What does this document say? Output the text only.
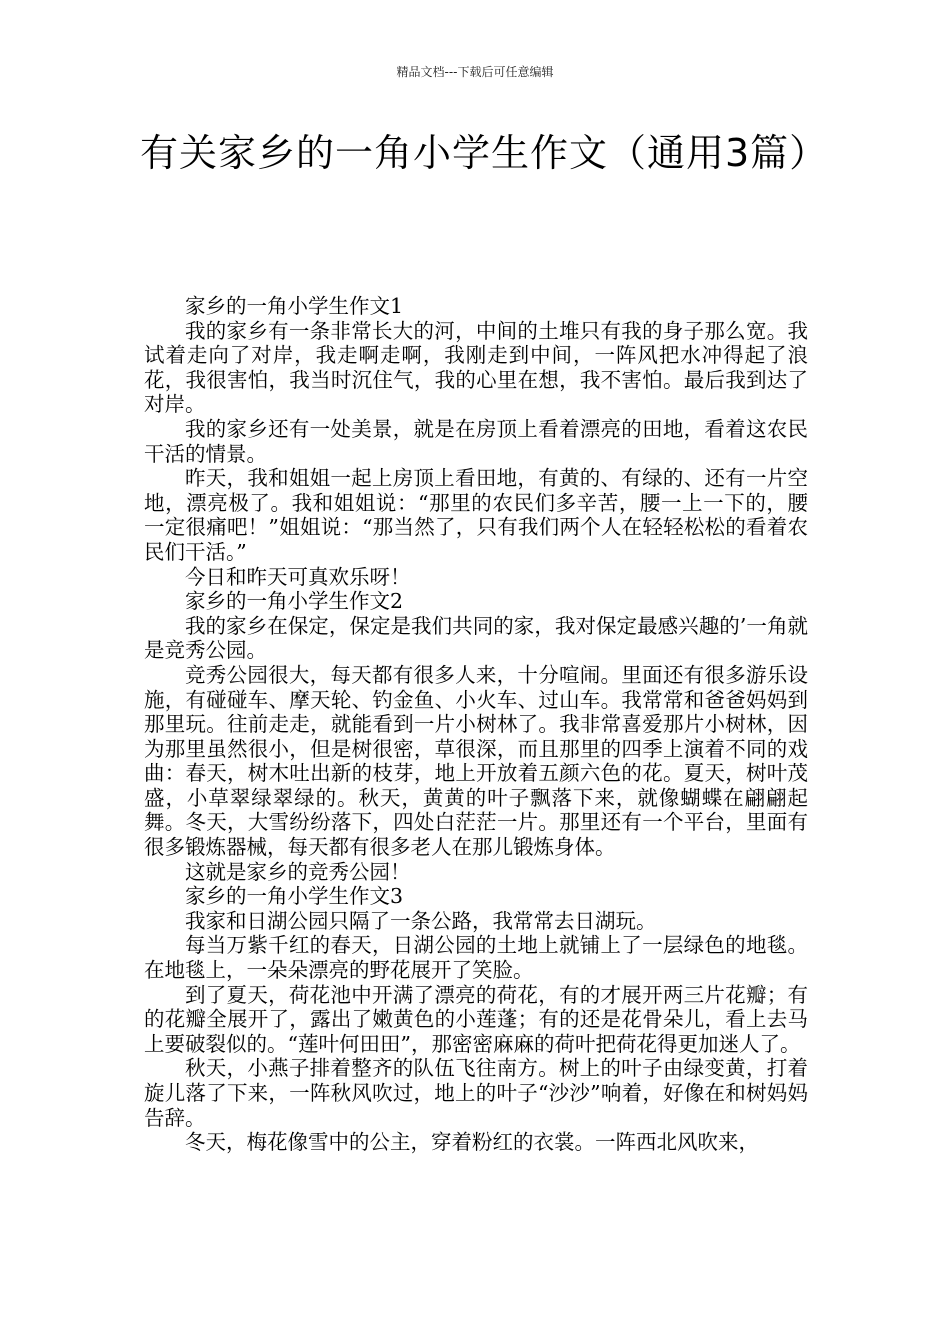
精品文档---下载后可任意编辑
有关家乡的一角小学生作文（通用3篇）

家乡的一角小学生作文1

我的家乡有一条非常长大的河，中间的土堆只有我的身子那么宽。我试着走向了对岸，我走啊走啊，我刚走到中间，一阵风把水冲得起了浪花，我很害怕，我当时沉住气，我的心里在想，我不害怕。最后我到达了对岸。

我的家乡还有一处美景，就是在房顶上看着漂亮的田地，看着这农民干活的情景。

昨天，我和姐姐一起上房顶上看田地，有黄的、有绿的、还有一片空地，漂亮极了。我和姐姐说：“那里的农民们多辛苦，腰一上一下的，腰一定很痛吧！”姐姐说：“那当然了，只有我们两个人在轻轻松松的看着农民们干活。”

今日和昨天可真欢乐呀！

家乡的一角小学生作文2

我的家乡在保定，保定是我们共同的家，我对保定最感兴趣的’一角就是竞秀公园。

竞秀公园很大，每天都有很多人来，十分喧闹。里面还有很多游乐设施，有碰碰车、摩天轮、钓金鱼、小火车、过山车。我常常和爸爸妈妈到那里玩。往前走走，就能看到一片小树林了。我非常喜爱那片小树林，因为那里虽然很小，但是树很密，草很深，而且那里的四季上演着不同的戏曲：春天，树木吐出新的枝芽，地上开放着五颜六色的花。夏天，树叶茂盛，小草翠绿翠绿的。秋天，黄黄的叶子飘落下来，就像蝴蝶在翩翩起舞。冬天，大雪纷纷落下，四处白茫茫一片。那里还有一个平台，里面有很多锻炼器械，每天都有很多老人在那儿锻炼身体。

这就是家乡的竞秀公园！

家乡的一角小学生作文3

我家和日湖公园只隔了一条公路，我常常去日湖玩。

每当万紫千红的春天，日湖公园的土地上就铺上了一层绿色的地毯。在地毯上，一朵朵漂亮的野花展开了笑脸。

到了夏天，荷花池中开满了漂亮的荷花，有的才展开两三片花瓣；有的花瓣全展开了，露出了嫩黄色的小莲蓬；有的还是花骨朵儿，看上去马上要破裂似的。“莲叶何田田”，那密密麻麻的荷叶把荷花得更加迷人了。

秋天，小燕子排着整齐的队伍飞往南方。树上的叶子由绿变黄，打着旋儿落了下来，一阵秋风吹过，地上的叶子“沙沙”响着，好像在和树妈妈告辞。

冬天，梅花像雪中的公主，穿着粉红的衣裳。一阵西北风吹来，
